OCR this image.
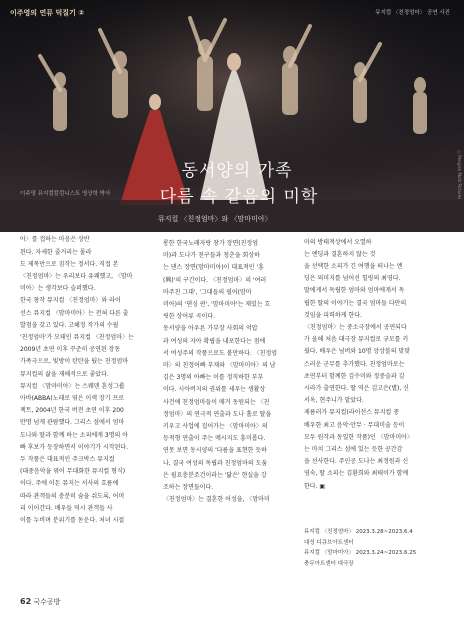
이주영의 연뮤 덕질기 ②	뮤지컬 〈친정엄마〉 공연 사진
ⓒ Pengoin Multi Pictures
동서양의 가족
다름 속 같음의 미학
이주영 뮤지컬칼럼니스트 영상학 박사
뮤지컬 〈친정엄마〉와 〈맘마미아〉

올 순서와 출출 준비, 뮤

지컬 〈친정엄마〉와 〈맘마미

아〉를 접하는 마음은 상반

된다. 자세한 줄거리는 몰라

도 제목만으로 짐작는 정서다. 직접 본

〈친정엄마〉는 우리보다 유쾌했고, 〈맘마

미아〉는 생각보다 슬퍼했다.

한국 창작 뮤지컬 〈친정엄마〉와 라이

선스 뮤지컬 〈맘마미아〉는 전혀 다른 출

발점을 갖고 있다. 고혜정 작가의 수필

'친정엄마'가 모태인 뮤지컬 〈친정엄마〉는

2009년 초연 이후 꾸준히 공연된 장동

가족극으로, 빛방이 탄탄을 뒀는 친정엄마

뮤지컬의 삶을 재해석으로 좋았다.

뮤지컬 〈맘마미아〉는 스웨덴 혼성그룹

아바(ABBA)노래로 엮은 이색 장기 프로

젝트, 2004년 한국 버전 초연 이후 200

만명 넘게 관람했다. 그리스 섬에서 엄마

도나와 딸과 함께 하는 소피에게 3명의 아

빠 후보가 등장하면서 이야기가 시작된다.

두 작품은 대표적인 주크박스 뮤지컬

(대중음악을 엮어 무대화한 뮤지컬 형식)

이다. 주에 이돈 뮤지는 서사의 흐름에

따라 관객들의 충분히 숨을 쉬도록, 어머

리 이어간다. 배우들 역시 관객들 사

이를 누비며 분위기를 돋운다. 처녀 시절

롱한 한국노래자랑 창가 장면(친정엄

마)과 도나가 친구들과 청춘을 회상하

는 댄스 장면(맘마미아)이 대표적인 '흥

(興)'의 구간이다. 〈친정엄마〉의 '여러

마주친 그대', '그대들의 필어(맘마

미아)의 '댄싱 퀸', '맘마미아'는 재밌는 흐

릿한 상어류 곡이다.

동서양을 아우른 가부장 사회의 억압

과 여성의 자아 확립을 내포한다는 점에

서 여성주의 작품으로도 볼만하다. 〈친정엄

마〉의 친정어빠 부재와 〈맘마미아〉의 남

김은 3명의 아빠는 이를 정직하한 부부

이다. 시아버지의 권위를 세우는 생활상

사건에 친정엄마들이 매거 동원되는 〈친

정엄마〉의 연극적 연출과 도나 홀로 딸을

키우고 사업에 집어가는 〈맘마미아〉의

등적형 연출이 주는 메시지도 흥미롭다.

연못 보면 동시양의 '다름을 표현한 듯하

나, 결국 여성의 독립과 친정엄마의 도움

은 필요충분조건이라는 '닮은' 현실을 강

조하는 장면들이다.

〈친정엄마〉는 결혼한 어성을, 〈맘마미

아〉는 결혼하려는 여성을

다룬다는 점에서 결말은 상

이하지만, 상황한다. 친정엄

마의 방태적상에서 오열하

는 엔딩과 결혼하지 않는 것

을 선택한 소피가 긴 여행을 떠나는 엔

딩은 의미지를 넘어선 힐링의 최영다.

딸에게서 독립한 엄마와 엄마에게서 독

립한 딸의 이야기는 결국 엄마들 다만의

것임을 피력하게 한다.

〈친정엄마〉는 중소극장에서 공연되다

가 올해 처음 대극장 뮤지컬로 규모를 키

웠다. 배우은 넘버와 10명 앙상블의 맞맞

스러운 군무를 추가했다. 친정엄마로는

초연부터 함께한 김수미와 정중슬과 김

시라가 출연한다. 딸 역은 김고은(별), 신

서옥, 현주니가 맡았다.

제름러가 뮤지컬(라이선스 뮤지컬 중

배우한 최고 음악·안무 · 무대미술 등이

모두 원작과 동일한 작품)인 〈맘마미아〉

는 마치 그리스 섬에 있는 듯한 공간감

을 선사한다. 주인공 도나는 최정원과 신

영숙, 딸 소피는 김환희와 최태이가 함께

한다. ▣

뮤지컬 〈친정엄마〉 2023.3.28~2023.6.4

대성 디큐브아트센터

뮤지컬 〈맘마미아〉 2023.3.24~2023.6.25

충무아트센터 대극장

62 국수공방
